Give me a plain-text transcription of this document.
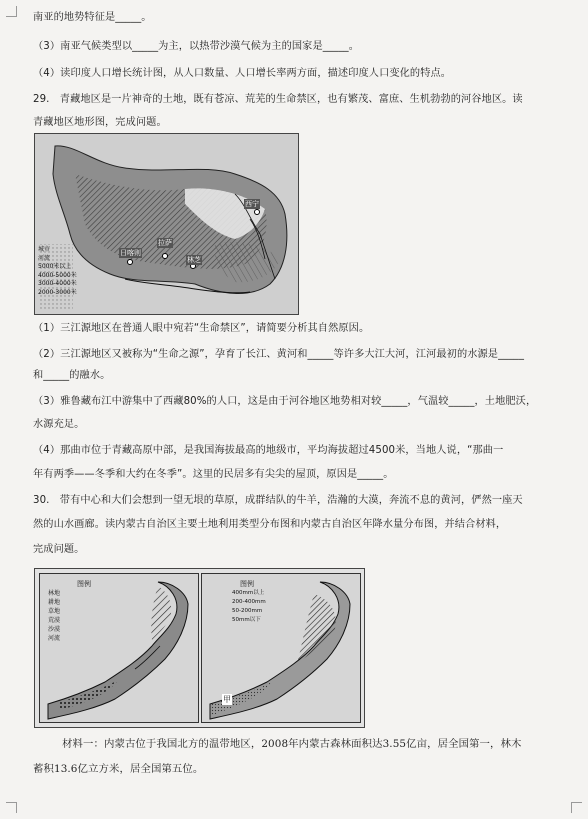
南亚的地势特征是_____。
（3）南亚气候类型以_____为主，以热带沙漠气候为主的国家是_____。
（4）读印度人口增长统计图，从人口数量、人口增长率两方面，描述印度人口变化的特点。
29.　青藏地区是一片神奇的土地，既有苍凉、荒芜的生命禁区，也有繁茂、富庶、生机勃勃的河谷地区。读
青藏地区地形图，完成问题。
西宁
拉萨
日喀则
林芝
城市
河流
5000米以上
4000-5000米
3000-4000米
2000-3000米
（1）三江源地区在普通人眼中宛若“生命禁区”，请简要分析其自然原因。
（2）三江源地区又被称为“生命之源”，孕育了长江、黄河和_____等许多大江大河，江河最初的水源是_____
和_____的融水。
（3）雅鲁藏布江中游集中了西藏80%的人口，这是由于河谷地区地势相对较_____，气温较_____，土地肥沃，
水源充足。
（4）那曲市位于青藏高原中部，是我国海拔最高的地级市，平均海拔超过4500米，当地人说，“那曲一
年有两季——冬季和大约在冬季”。这里的民居多有尖尖的屋顶，原因是_____。
30.　带有中心和大们会想到一望无垠的草原，成群结队的牛羊，浩瀚的大漠，奔流不息的黄河，俨然一座天
然的山水画廊。读内蒙古自治区主要土地利用类型分布图和内蒙古自治区年降水量分布图，并结合材料，
完成问题。
图例
林地
耕地
草地
荒漠
沙漠
河流
图例
400mm以上
200-400mm
50-200mm
50mm以下
甲
材料一：内蒙古位于我国北方的温带地区，2008年内蒙古森林面积达3.55亿亩，居全国第一，林木
蓄积13.6亿立方米，居全国第五位。
